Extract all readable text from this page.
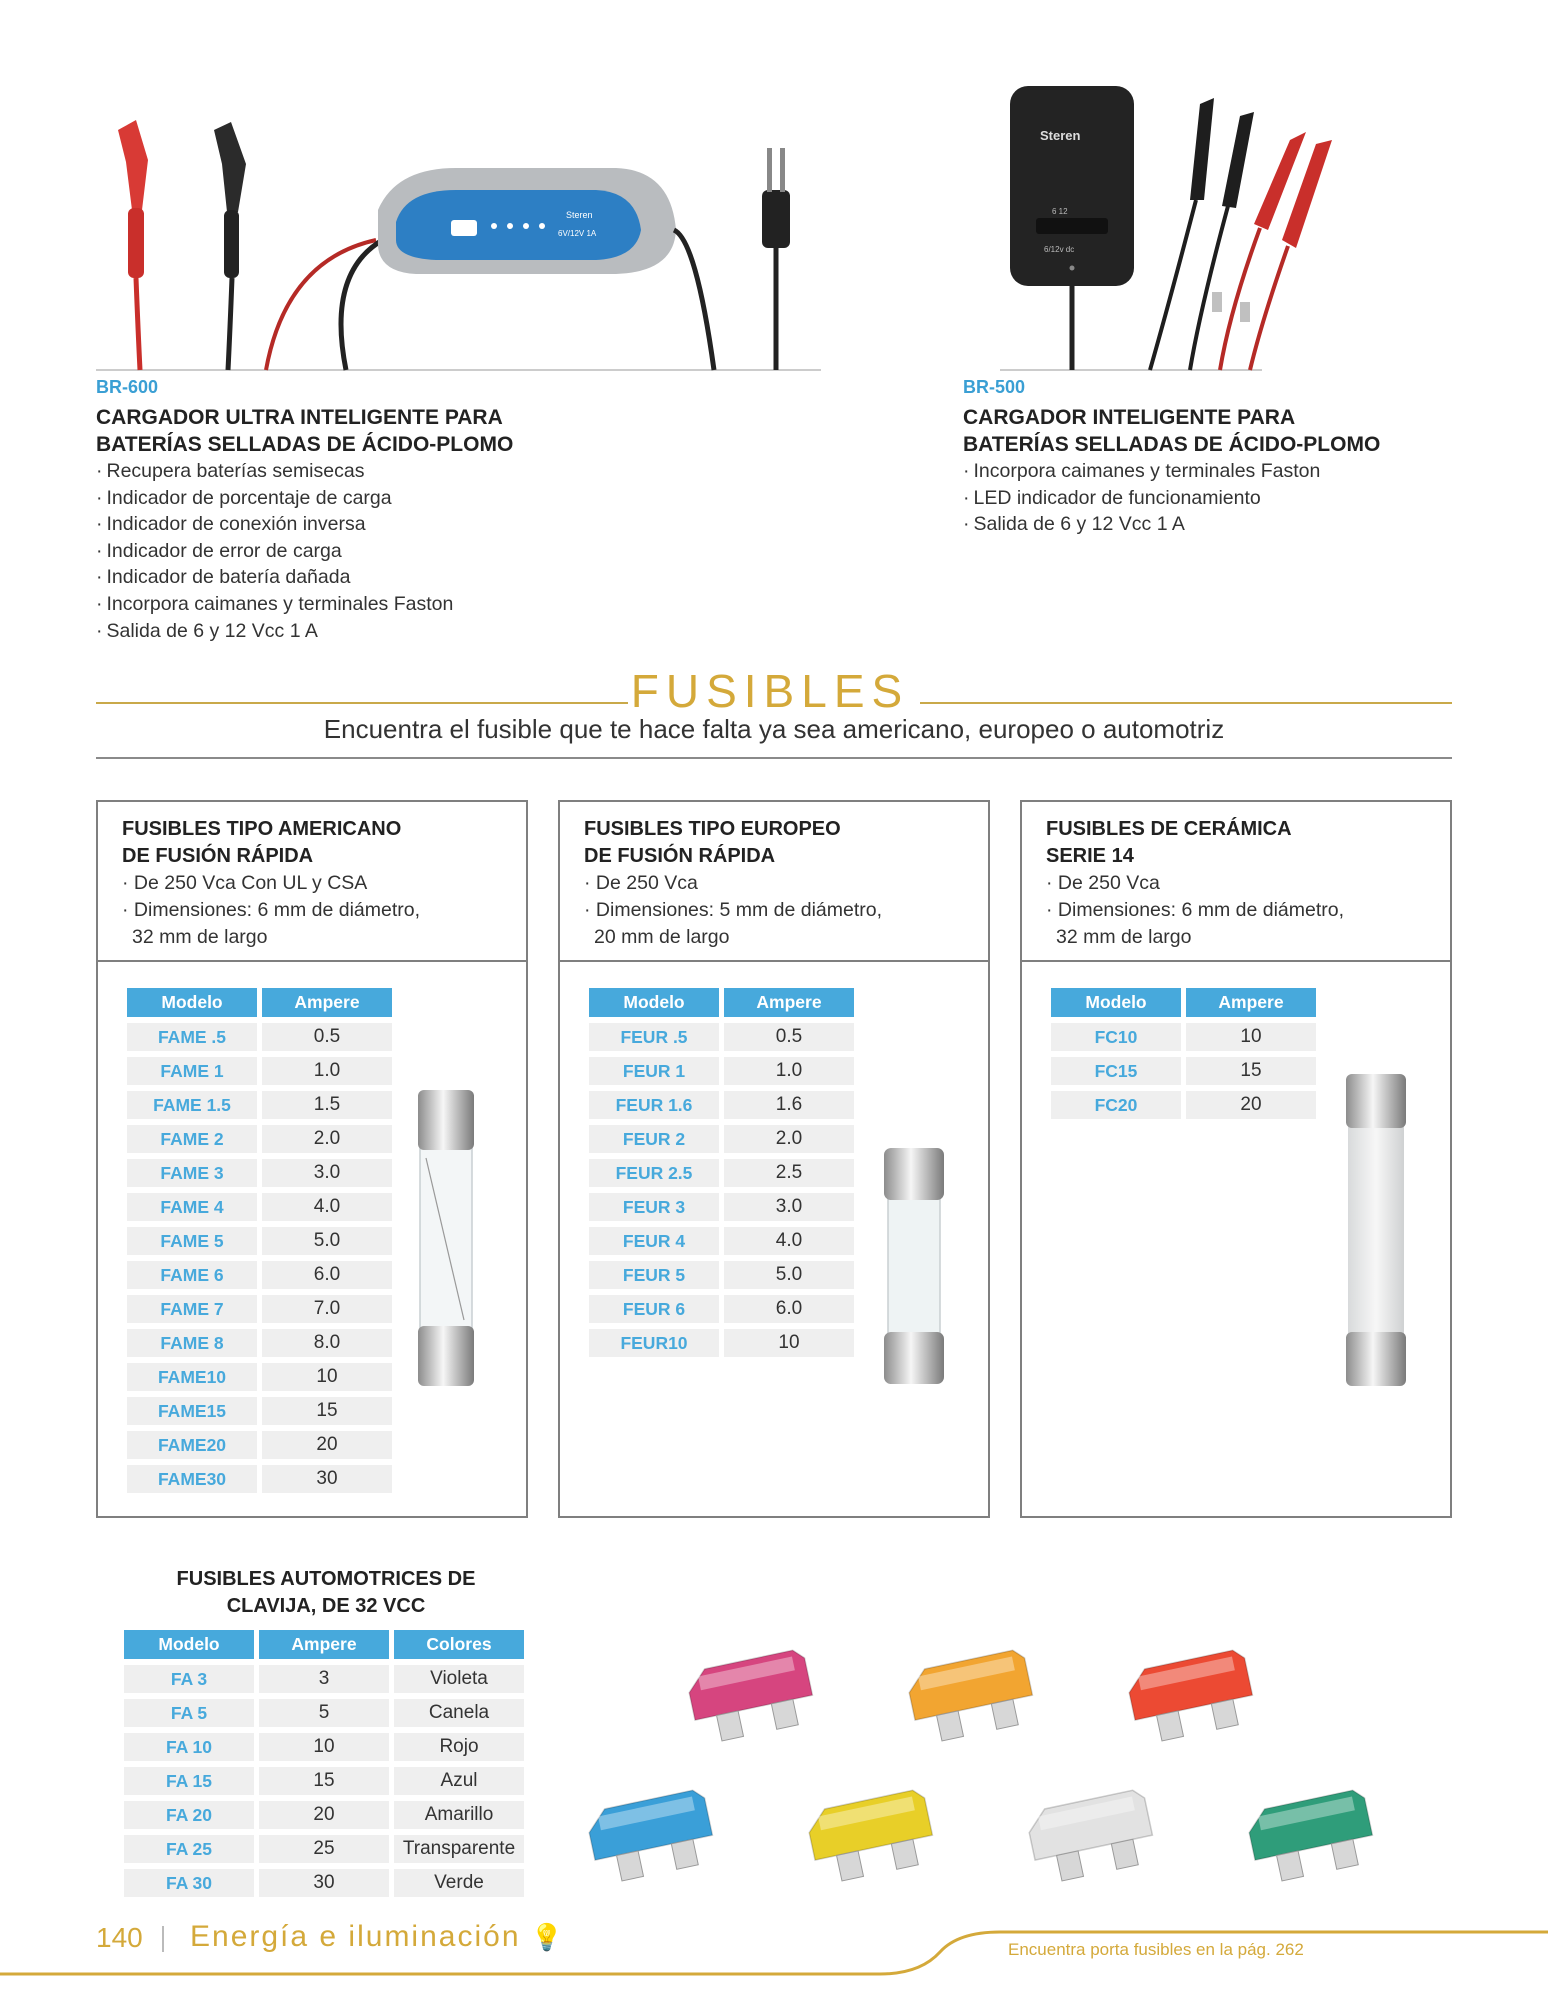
Steren
6V/12V 1A
Steren
6 12
6/12v dc
BR-600
CARGADOR ULTRA INTELIGENTE PARA
BATERÍAS SELLADAS DE ÁCIDO-PLOMO
· Recupera baterías semisecas
· Indicador de porcentaje de carga
· Indicador de conexión inversa
· Indicador de error de carga
· Indicador de batería dañada
· Incorpora caimanes y terminales Faston
· Salida de 6 y 12 Vcc 1 A
BR-500
CARGADOR INTELIGENTE PARA
BATERÍAS SELLADAS DE ÁCIDO-PLOMO
· Incorpora caimanes y terminales Faston
· LED indicador de funcionamiento
· Salida de 6 y 12 Vcc 1 A
FUSIBLES
Encuentra el fusible que te hace falta ya sea americano, europeo o automotriz
FUSIBLES TIPO AMERICANO
DE FUSIÓN RÁPIDA
· De 250 Vca Con UL y CSA
· Dimensiones: 6 mm de diámetro,
32 mm de largo
Modelo	Ampere
FAME .5	0.5
FAME 1	1.0
FAME 1.5	1.5
FAME 2	2.0
FAME 3	3.0
FAME 4	4.0
FAME 5	5.0
FAME 6	6.0
FAME 7	7.0
FAME 8	8.0
FAME10	10
FAME15	15
FAME20	20
FAME30	30
FUSIBLES TIPO EUROPEO
DE FUSIÓN RÁPIDA
· De 250 Vca
· Dimensiones: 5 mm de diámetro,
20 mm de largo
Modelo	Ampere
FEUR .5	0.5
FEUR 1	1.0
FEUR 1.6	1.6
FEUR 2	2.0
FEUR 2.5	2.5
FEUR 3	3.0
FEUR 4	4.0
FEUR 5	5.0
FEUR 6	6.0
FEUR10	10
FUSIBLES DE CERÁMICA
SERIE 14
· De 250 Vca
· Dimensiones: 6 mm de diámetro,
32 mm de largo
Modelo	Ampere
FC10	10
FC15	15
FC20	20
FUSIBLES AUTOMOTRICES DE
CLAVIJA, DE 32 VCC
Modelo	Ampere	Colores
FA 3	3	Violeta
FA 5	5	Canela
FA 10	10	Rojo
FA 15	15	Azul
FA 20	20	Amarillo
FA 25	25	Transparente
FA 30	30	Verde
140 Energía e iluminación 💡	Encuentra porta fusibles en la pág. 262
